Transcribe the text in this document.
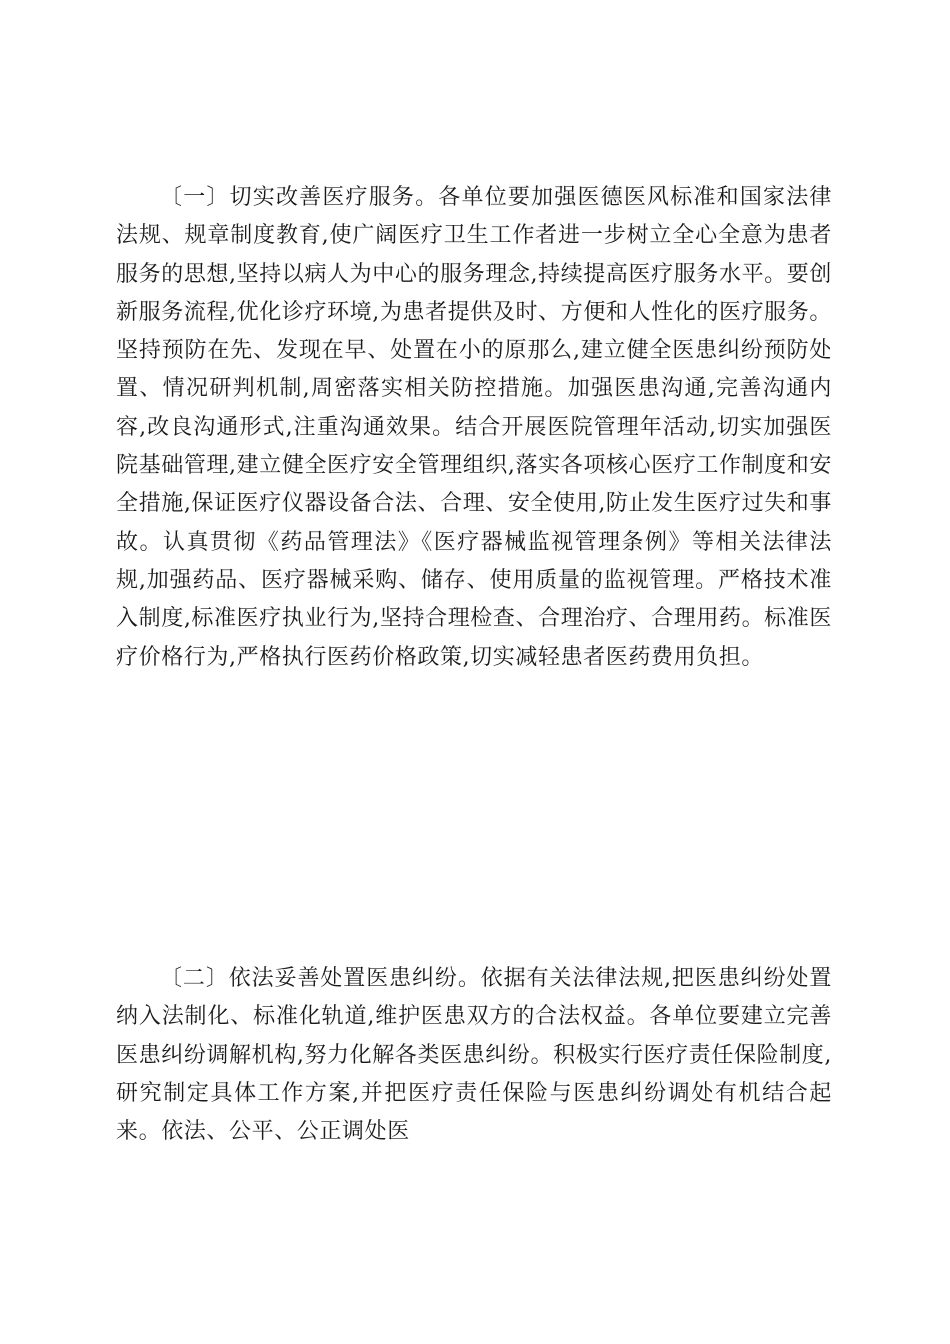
〔一〕切实改善医疗服务。各单位要加强医德医风标准和国家法律法规、规章制度教育,使广阔医疗卫生工作者进一步树立全心全意为患者服务的思想,坚持以病人为中心的服务理念,持续提高医疗服务水平。要创新服务流程,优化诊疗环境,为患者提供及时、方便和人性化的医疗服务。坚持预防在先、发现在早、处置在小的原那么,建立健全医患纠纷预防处置、情况研判机制,周密落实相关防控措施。加强医患沟通,完善沟通内容,改良沟通形式,注重沟通效果。结合开展医院管理年活动,切实加强医院基础管理,建立健全医疗安全管理组织,落实各项核心医疗工作制度和安全措施,保证医疗仪器设备合法、合理、安全使用,防止发生医疗过失和事故。认真贯彻《药品管理法》《医疗器械监视管理条例》等相关法律法规,加强药品、医疗器械采购、储存、使用质量的监视管理。严格技术准入制度,标准医疗执业行为,坚持合理检查、合理治疗、合理用药。标准医疗价格行为,严格执行医药价格政策,切实减轻患者医药费用负担。

〔二〕依法妥善处置医患纠纷。依据有关法律法规,把医患纠纷处置纳入法制化、标准化轨道,维护医患双方的合法权益。各单位要建立完善医患纠纷调解机构,努力化解各类医患纠纷。积极实行医疗责任保险制度,研究制定具体工作方案,并把医疗责任保险与医患纠纷调处有机结合起来。依法、公平、公正调处医
